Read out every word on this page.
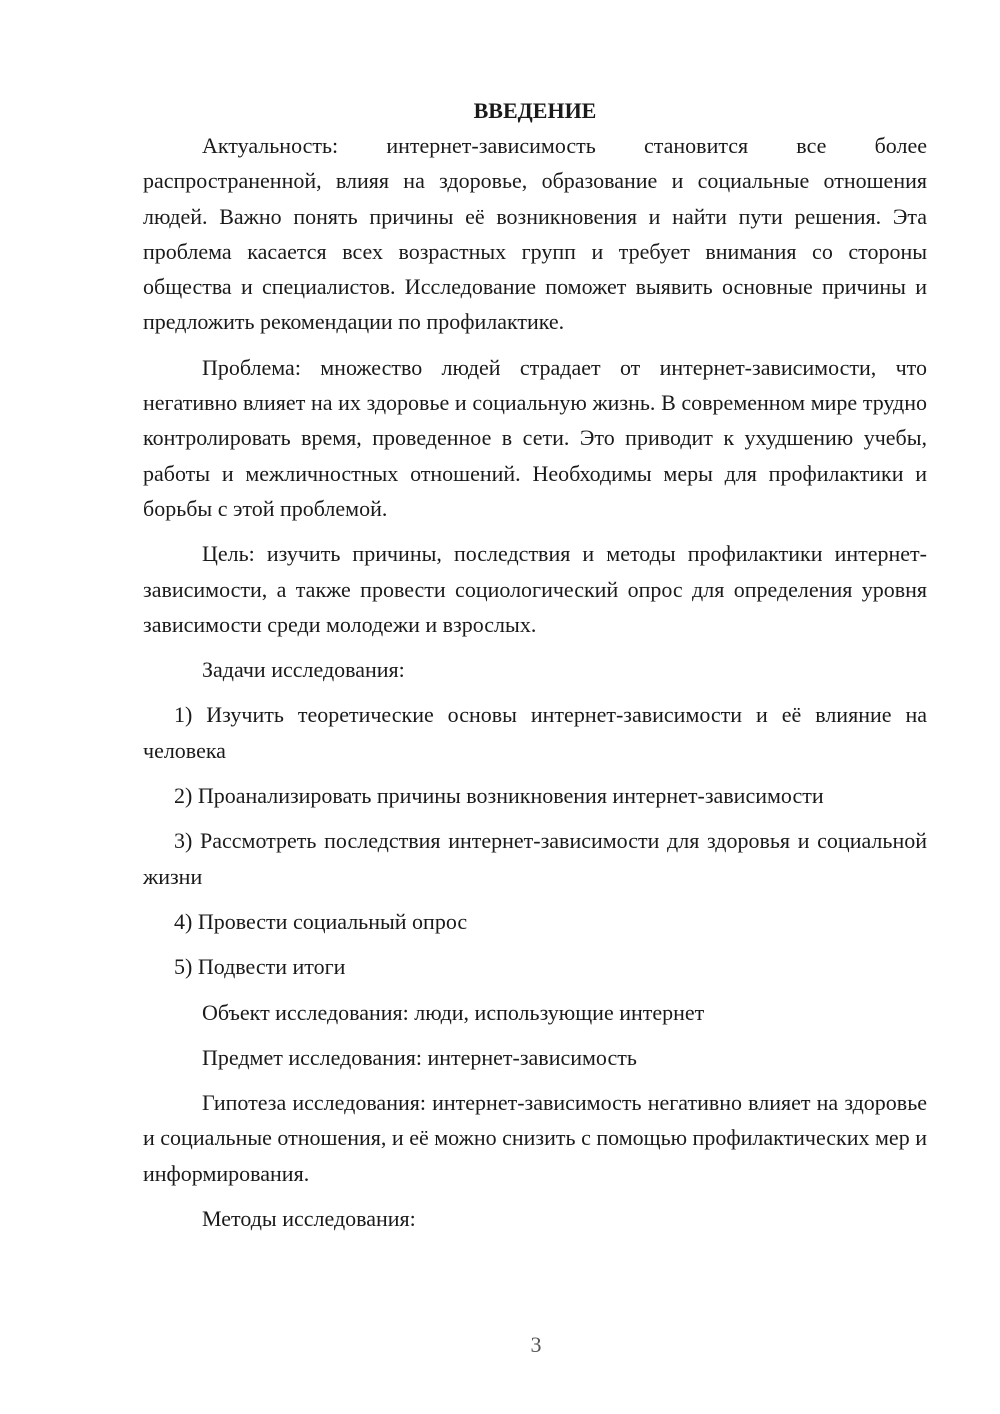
ВВЕДЕНИЕ

Актуальность: интернет-зависимость становится все более распространенной, влияя на здоровье, образование и социальные отношения людей. Важно понять причины её возникновения и найти пути решения. Эта проблема касается всех возрастных групп и требует внимания со стороны общества и специалистов. Исследование поможет выявить основные причины и предложить рекомендации по профилактике.

Проблема: множество людей страдает от интернет-зависимости, что негативно влияет на их здоровье и социальную жизнь. В современном мире трудно контролировать время, проведенное в сети. Это приводит к ухудшению учебы, работы и межличностных отношений. Необходимы меры для профилактики и борьбы с этой проблемой.

Цель: изучить причины, последствия и методы профилактики интернет-зависимости, а также провести социологический опрос для определения уровня зависимости среди молодежи и взрослых.

Задачи исследования:

1) Изучить теоретические основы интернет-зависимости и её влияние на человека

2) Проанализировать причины возникновения интернет-зависимости

3) Рассмотреть последствия интернет-зависимости для здоровья и социальной жизни

4) Провести социальный опрос

5) Подвести итоги

Объект исследования: люди, использующие интернет

Предмет исследования: интернет-зависимость

Гипотеза исследования: интернет-зависимость негативно влияет на здоровье и социальные отношения, и её можно снизить с помощью профилактических мер и информирования.

Методы исследования:

3
